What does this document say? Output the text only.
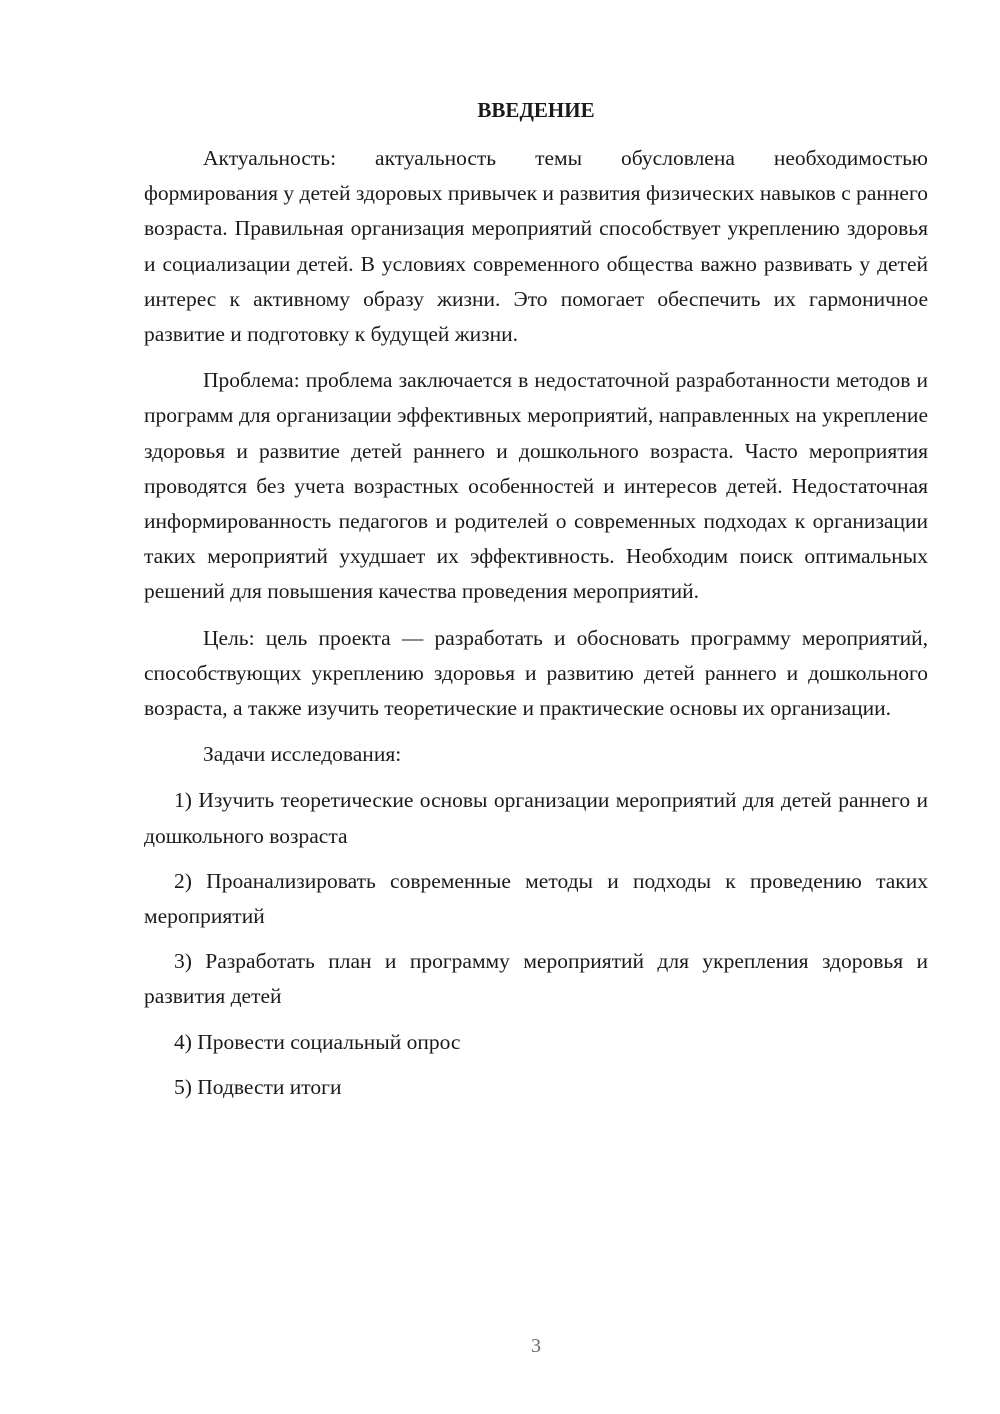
ВВЕДЕНИЕ

Актуальность: актуальность темы обусловлена необходимостью формирования у детей здоровых привычек и развития физических навыков с раннего возраста. Правильная организация мероприятий способствует укреплению здоровья и социализации детей. В условиях современного общества важно развивать у детей интерес к активному образу жизни. Это помогает обеспечить их гармоничное развитие и подготовку к будущей жизни.

Проблема: проблема заключается в недостаточной разработанности методов и программ для организации эффективных мероприятий, направленных на укрепление здоровья и развитие детей раннего и дошкольного возраста. Часто мероприятия проводятся без учета возрастных особенностей и интересов детей. Недостаточная информированность педагогов и родителей о современных подходах к организации таких мероприятий ухудшает их эффективность. Необходим поиск оптимальных решений для повышения качества проведения мероприятий.

Цель: цель проекта — разработать и обосновать программу мероприятий, способствующих укреплению здоровья и развитию детей раннего и дошкольного возраста, а также изучить теоретические и практические основы их организации.

Задачи исследования:

1) Изучить теоретические основы организации мероприятий для детей раннего и дошкольного возраста

2) Проанализировать современные методы и подходы к проведению таких мероприятий

3) Разработать план и программу мероприятий для укрепления здоровья и развития детей

4) Провести социальный опрос

5) Подвести итоги

3
